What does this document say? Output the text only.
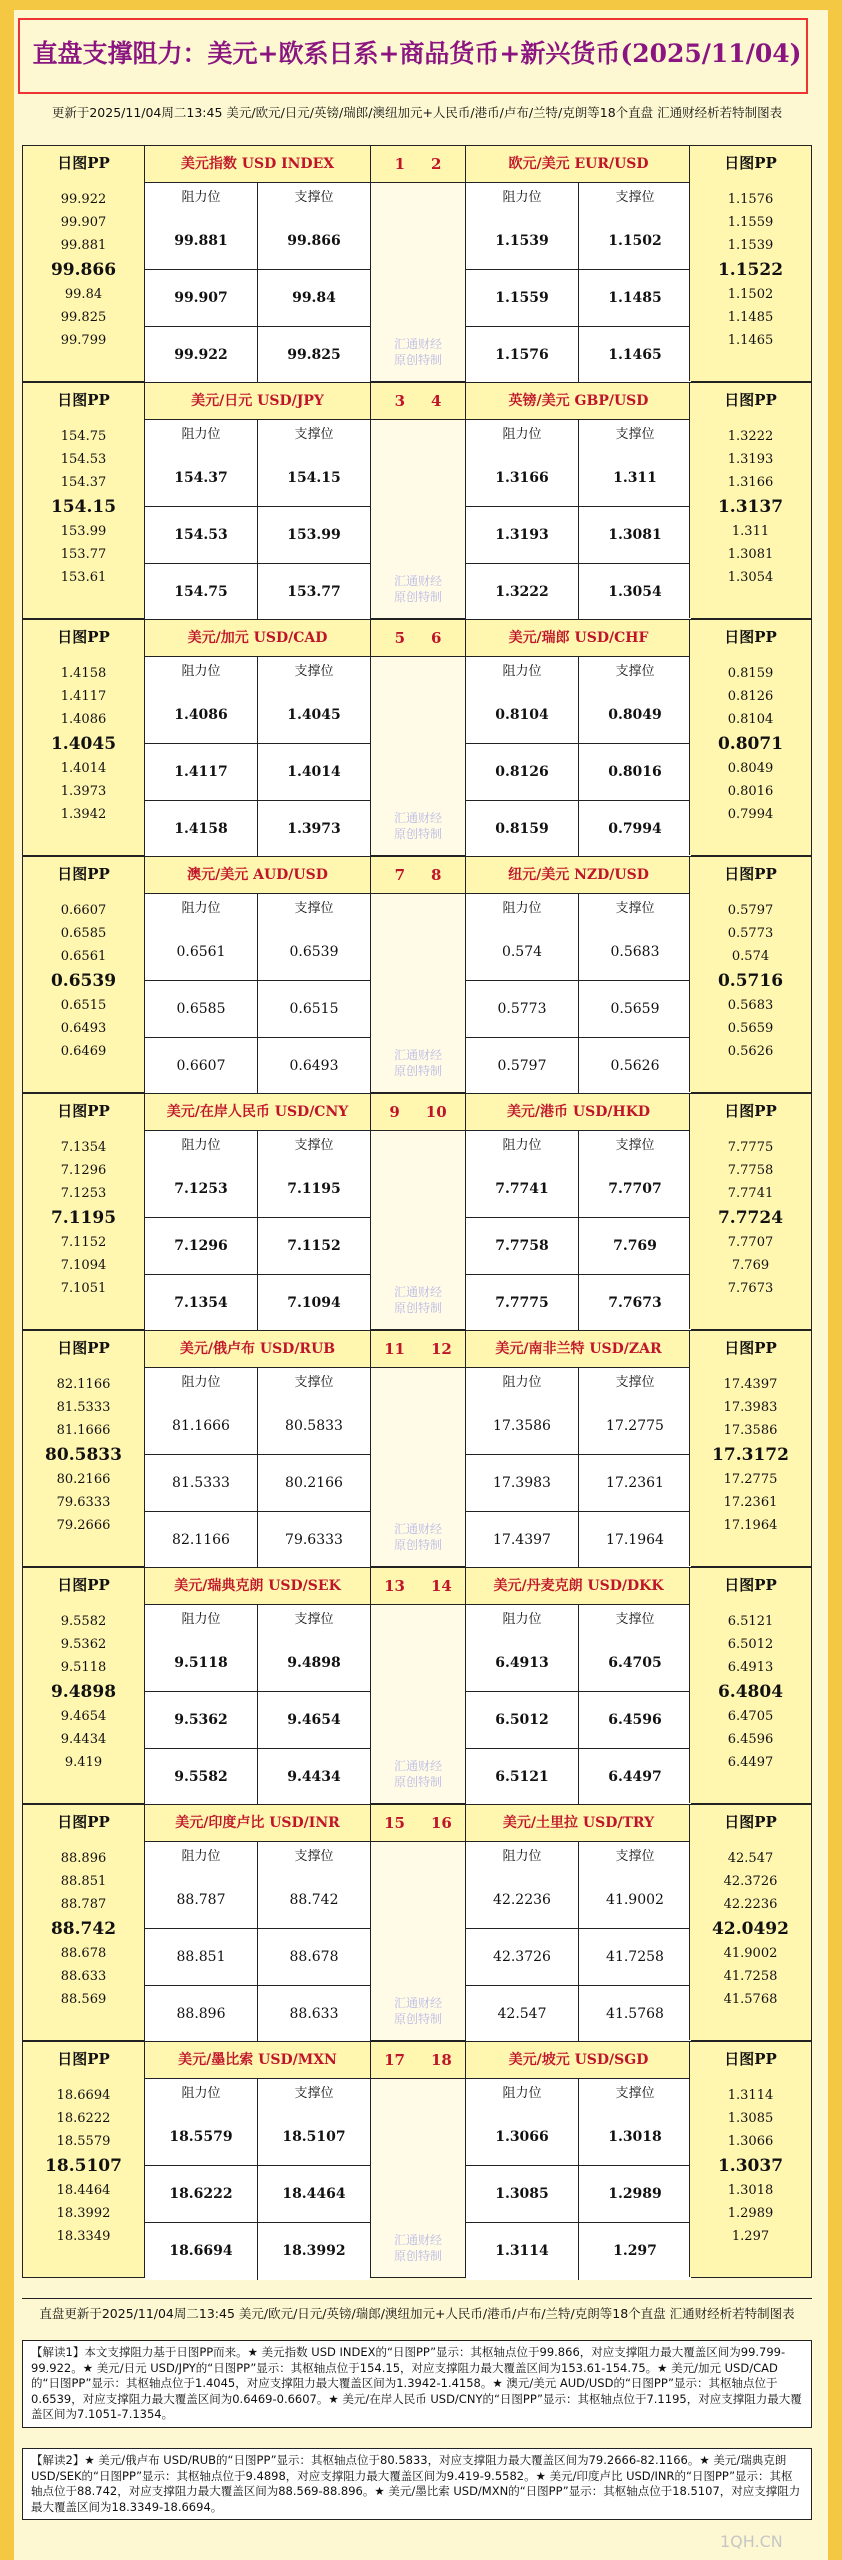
直盘支撑阻力：美元+欧系日系+商品货币+新兴货币(2025/11/04)
更新于2025/11/04周二13:45 美元/欧元/日元/英镑/瑞郎/澳纽加元+人民币/港币/卢布/兰特/克朗等18个直盘 汇通财经析若特制图表
日图PP
99.922
99.907
99.881
99.866
99.84
99.825
99.799
美元指数 USD INDEX
阻力位	支撑位
99.881	99.866
99.907	99.84
99.922	99.825
1 2
汇通财经
原创特制
欧元/美元 EUR/USD
阻力位	支撑位
1.1539	1.1502
1.1559	1.1485
1.1576	1.1465
日图PP
1.1576
1.1559
1.1539
1.1522
1.1502
1.1485
1.1465
日图PP
154.75
154.53
154.37
154.15
153.99
153.77
153.61
美元/日元 USD/JPY
阻力位	支撑位
154.37	154.15
154.53	153.99
154.75	153.77
3 4
汇通财经
原创特制
英镑/美元 GBP/USD
阻力位	支撑位
1.3166	1.311
1.3193	1.3081
1.3222	1.3054
日图PP
1.3222
1.3193
1.3166
1.3137
1.311
1.3081
1.3054
日图PP
1.4158
1.4117
1.4086
1.4045
1.4014
1.3973
1.3942
美元/加元 USD/CAD
阻力位	支撑位
1.4086	1.4045
1.4117	1.4014
1.4158	1.3973
5 6
汇通财经
原创特制
美元/瑞郎 USD/CHF
阻力位	支撑位
0.8104	0.8049
0.8126	0.8016
0.8159	0.7994
日图PP
0.8159
0.8126
0.8104
0.8071
0.8049
0.8016
0.7994
日图PP
0.6607
0.6585
0.6561
0.6539
0.6515
0.6493
0.6469
澳元/美元 AUD/USD
阻力位	支撑位
0.6561	0.6539
0.6585	0.6515
0.6607	0.6493
7 8
汇通财经
原创特制
纽元/美元 NZD/USD
阻力位	支撑位
0.574	0.5683
0.5773	0.5659
0.5797	0.5626
日图PP
0.5797
0.5773
0.574
0.5716
0.5683
0.5659
0.5626
日图PP
7.1354
7.1296
7.1253
7.1195
7.1152
7.1094
7.1051
美元/在岸人民币 USD/CNY
阻力位	支撑位
7.1253	7.1195
7.1296	7.1152
7.1354	7.1094
9 10
汇通财经
原创特制
美元/港币 USD/HKD
阻力位	支撑位
7.7741	7.7707
7.7758	7.769
7.7775	7.7673
日图PP
7.7775
7.7758
7.7741
7.7724
7.7707
7.769
7.7673
日图PP
82.1166
81.5333
81.1666
80.5833
80.2166
79.6333
79.2666
美元/俄卢布 USD/RUB
阻力位	支撑位
81.1666	80.5833
81.5333	80.2166
82.1166	79.6333
11 12
汇通财经
原创特制
美元/南非兰特 USD/ZAR
阻力位	支撑位
17.3586	17.2775
17.3983	17.2361
17.4397	17.1964
日图PP
17.4397
17.3983
17.3586
17.3172
17.2775
17.2361
17.1964
日图PP
9.5582
9.5362
9.5118
9.4898
9.4654
9.4434
9.419
美元/瑞典克朗 USD/SEK
阻力位	支撑位
9.5118	9.4898
9.5362	9.4654
9.5582	9.4434
13 14
汇通财经
原创特制
美元/丹麦克朗 USD/DKK
阻力位	支撑位
6.4913	6.4705
6.5012	6.4596
6.5121	6.4497
日图PP
6.5121
6.5012
6.4913
6.4804
6.4705
6.4596
6.4497
日图PP
88.896
88.851
88.787
88.742
88.678
88.633
88.569
美元/印度卢比 USD/INR
阻力位	支撑位
88.787	88.742
88.851	88.678
88.896	88.633
15 16
汇通财经
原创特制
美元/土里拉 USD/TRY
阻力位	支撑位
42.2236	41.9002
42.3726	41.7258
42.547	41.5768
日图PP
42.547
42.3726
42.2236
42.0492
41.9002
41.7258
41.5768
日图PP
18.6694
18.6222
18.5579
18.5107
18.4464
18.3992
18.3349
美元/墨比索 USD/MXN
阻力位	支撑位
18.5579	18.5107
18.6222	18.4464
18.6694	18.3992
17 18
汇通财经
原创特制
美元/坡元 USD/SGD
阻力位	支撑位
1.3066	1.3018
1.3085	1.2989
1.3114	1.297
日图PP
1.3114
1.3085
1.3066
1.3037
1.3018
1.2989
1.297
直盘更新于2025/11/04周二13:45 美元/欧元/日元/英镑/瑞郎/澳纽加元+人民币/港币/卢布/兰特/克朗等18个直盘 汇通财经析若特制图表
【解读1】本文支撑阻力基于日图PP而来。★ 美元指数 USD INDEX的“日图PP”显示：其枢轴点位于99.866，对应支撑阻力最大覆盖区间为99.799-99.922。★ 美元/日元 USD/JPY的“日图PP”显示：其枢轴点位于154.15，对应支撑阻力最大覆盖区间为153.61-154.75。★ 美元/加元 USD/CAD的“日图PP”显示：其枢轴点位于1.4045，对应支撑阻力最大覆盖区间为1.3942-1.4158。★ 澳元/美元 AUD/USD的“日图PP”显示：其枢轴点位于0.6539，对应支撑阻力最大覆盖区间为0.6469-0.6607。★ 美元/在岸人民币 USD/CNY的“日图PP”显示：其枢轴点位于7.1195，对应支撑阻力最大覆盖区间为7.1051-7.1354。
【解读2】★ 美元/俄卢布 USD/RUB的“日图PP”显示：其枢轴点位于80.5833，对应支撑阻力最大覆盖区间为79.2666-82.1166。★ 美元/瑞典克朗 USD/SEK的“日图PP”显示：其枢轴点位于9.4898，对应支撑阻力最大覆盖区间为9.419-9.5582。★ 美元/印度卢比 USD/INR的“日图PP”显示：其枢轴点位于88.742，对应支撑阻力最大覆盖区间为88.569-88.896。★ 美元/墨比索 USD/MXN的“日图PP”显示：其枢轴点位于18.5107，对应支撑阻力最大覆盖区间为18.3349-18.6694。
1QH.CN
